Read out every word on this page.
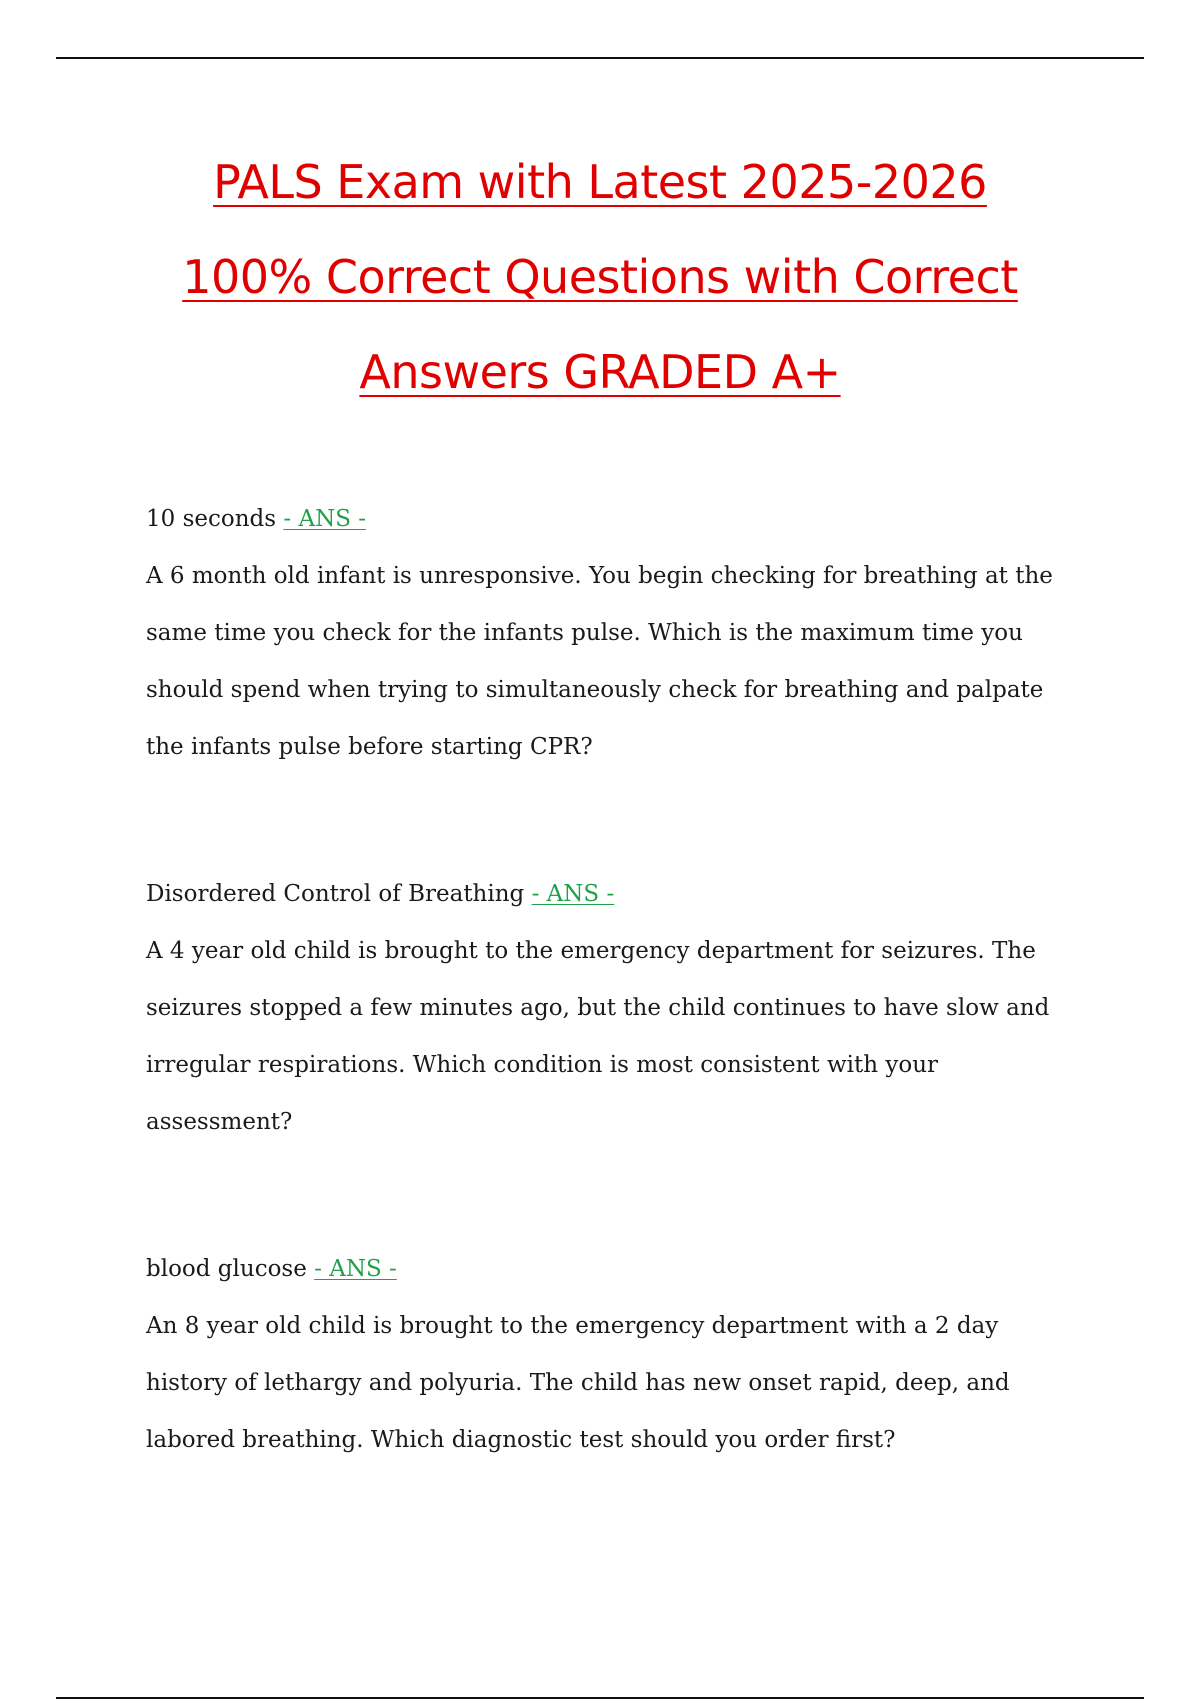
PALS Exam with Latest 2025-2026
100% Correct Questions with Correct
Answers GRADED A+
10 seconds - ANS -

A 6 month old infant is unresponsive. You begin checking for breathing at the same time you check for the infants pulse. Which is the maximum time you should spend when trying to simultaneously check for breathing and palpate the infants pulse before starting CPR?

Disordered Control of Breathing - ANS -

A 4 year old child is brought to the emergency department for seizures. The seizures stopped a few minutes ago, but the child continues to have slow and irregular respirations. Which condition is most consistent with your assessment?

blood glucose - ANS -

An 8 year old child is brought to the emergency department with a 2 day history of lethargy and polyuria. The child has new onset rapid, deep, and labored breathing. Which diagnostic test should you order first?
